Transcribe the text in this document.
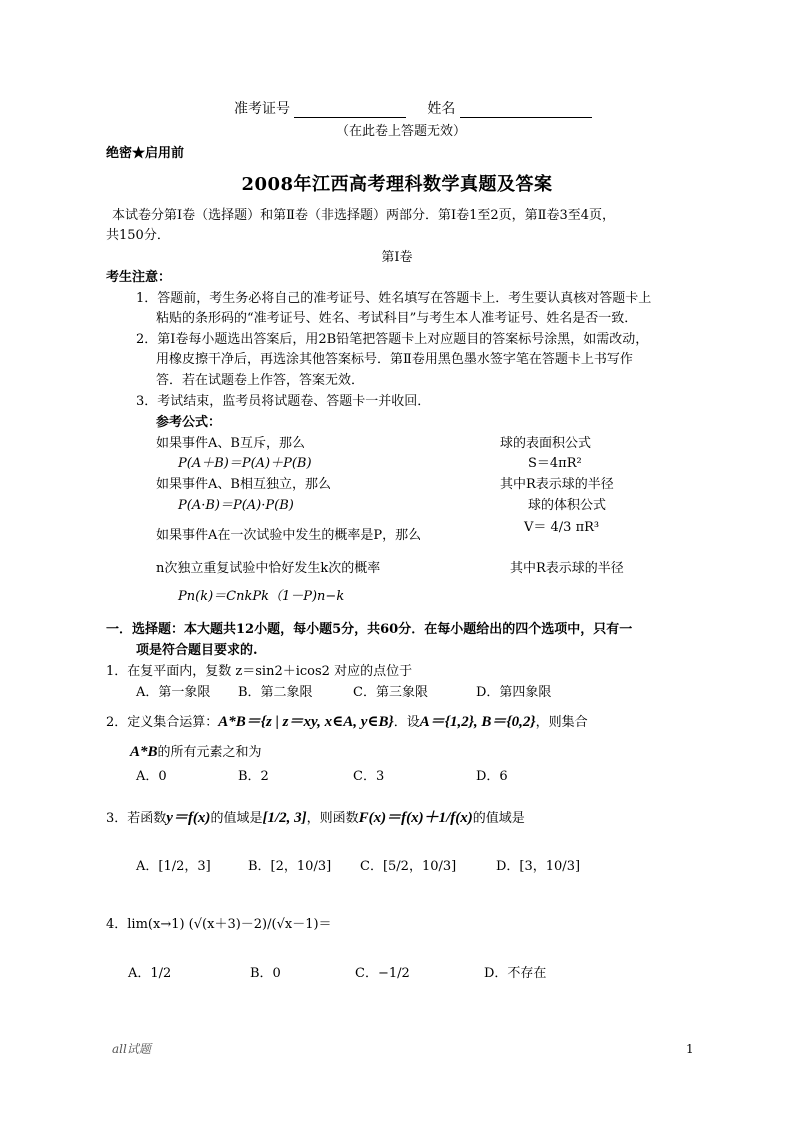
准考证号	姓名
（在此卷上答题无效）
绝密★启用前
2008年江西高考理科数学真题及答案
本试卷分第Ⅰ卷（选择题）和第Ⅱ卷（非选择题）两部分．第Ⅰ卷1至2页，第Ⅱ卷3至4页，
共150分．
第Ⅰ卷
考生注意：
1．答题前，考生务必将自己的准考证号、姓名填写在答题卡上．考生要认真核对答题卡上
粘贴的条形码的“准考证号、姓名、考试科目”与考生本人准考证号、姓名是否一致．
2．第Ⅰ卷每小题选出答案后，用2B铅笔把答题卡上对应题目的答案标号涂黑，如需改动，
用橡皮擦干净后，再选涂其他答案标号．第Ⅱ卷用黑色墨水签字笔在答题卡上书写作
答．若在试题卷上作答，答案无效．
3．考试结束，监考员将试题卷、答题卡一并收回．
参考公式：
如果事件A、B互斥，那么
P(A＋B)＝P(A)＋P(B)
如果事件A、B相互独立，那么
P(A·B)＝P(A)·P(B)
如果事件A在一次试验中发生的概率是P，那么
n次独立重复试验中恰好发生k次的概率
Pn(k)＝CnkPk（1－P)n−k
球的表面积公式
S＝4πR²
其中R表示球的半径
球的体积公式
V＝ 4/3 πR³
其中R表示球的半径
一．选择题：本大题共12小题，每小题5分，共60分．在每小题给出的四个选项中，只有一
项是符合题目要求的.
1．在复平面内，复数 z＝sin2＋icos2 对应的点位于
A．第一象限 B．第二象限	C．第三象限	D．第四象限
2．定义集合运算：A*B＝{z | z＝xy, x∈A, y∈B}．设A＝{1,2}, B＝{0,2}，则集合
A*B的所有元素之和为
A．0	B．2	C．3	D．6
3．若函数y＝f(x)的值域是[1/2, 3]，则函数F(x)＝f(x)＋1/f(x)的值域是
A．[1/2，3]	B．[2，10/3] C．[5/2，10/3]	D．[3，10/3]
4．lim(x→1) (√(x＋3)－2)/(√x－1)＝
A．1/2	B．0	C．−1/2	D．不存在
all试题	1
